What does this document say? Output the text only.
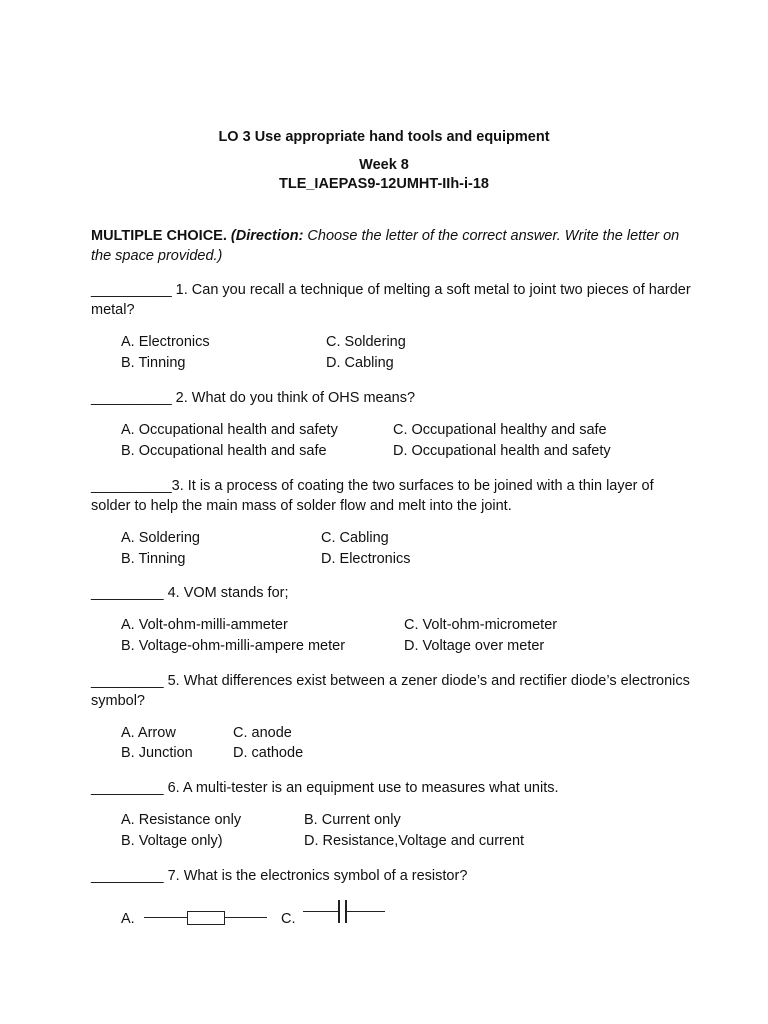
LO 3 Use appropriate hand tools and equipment
Week 8
TLE_IAEPAS9-12UMHT-IIh-i-18
MULTIPLE CHOICE. (Direction: Choose the letter of the correct answer. Write the letter on the space provided.)
__________ 1. Can you recall a technique of melting a soft metal to joint two pieces of harder metal?
A. Electronics	C. Soldering
B. Tinning	D. Cabling
__________ 2. What do you think of OHS means?
A. Occupational health and safety	C. Occupational healthy and safe
B. Occupational health and safe	D. Occupational health and safety
__________3. It is a process of coating the two surfaces to be joined with a thin layer of solder to help the main mass of solder flow and melt into the joint.
A. Soldering	C. Cabling
B. Tinning	D. Electronics
_________ 4. VOM stands for;
A. Volt-ohm-milli-ammeter	C. Volt-ohm-micrometer
B. Voltage-ohm-milli-ampere meter	D. Voltage over meter
_________ 5. What differences exist between a zener diode’s and rectifier diode’s electronics symbol?
A. Arrow	C. anode
B. Junction	D. cathode
_________ 6. A multi-tester is an equipment use to measures what units.
A. Resistance only	B. Current only
B. Voltage only)	D. Resistance,Voltage and current
_________ 7. What is the electronics symbol of a resistor?
A.	C.
